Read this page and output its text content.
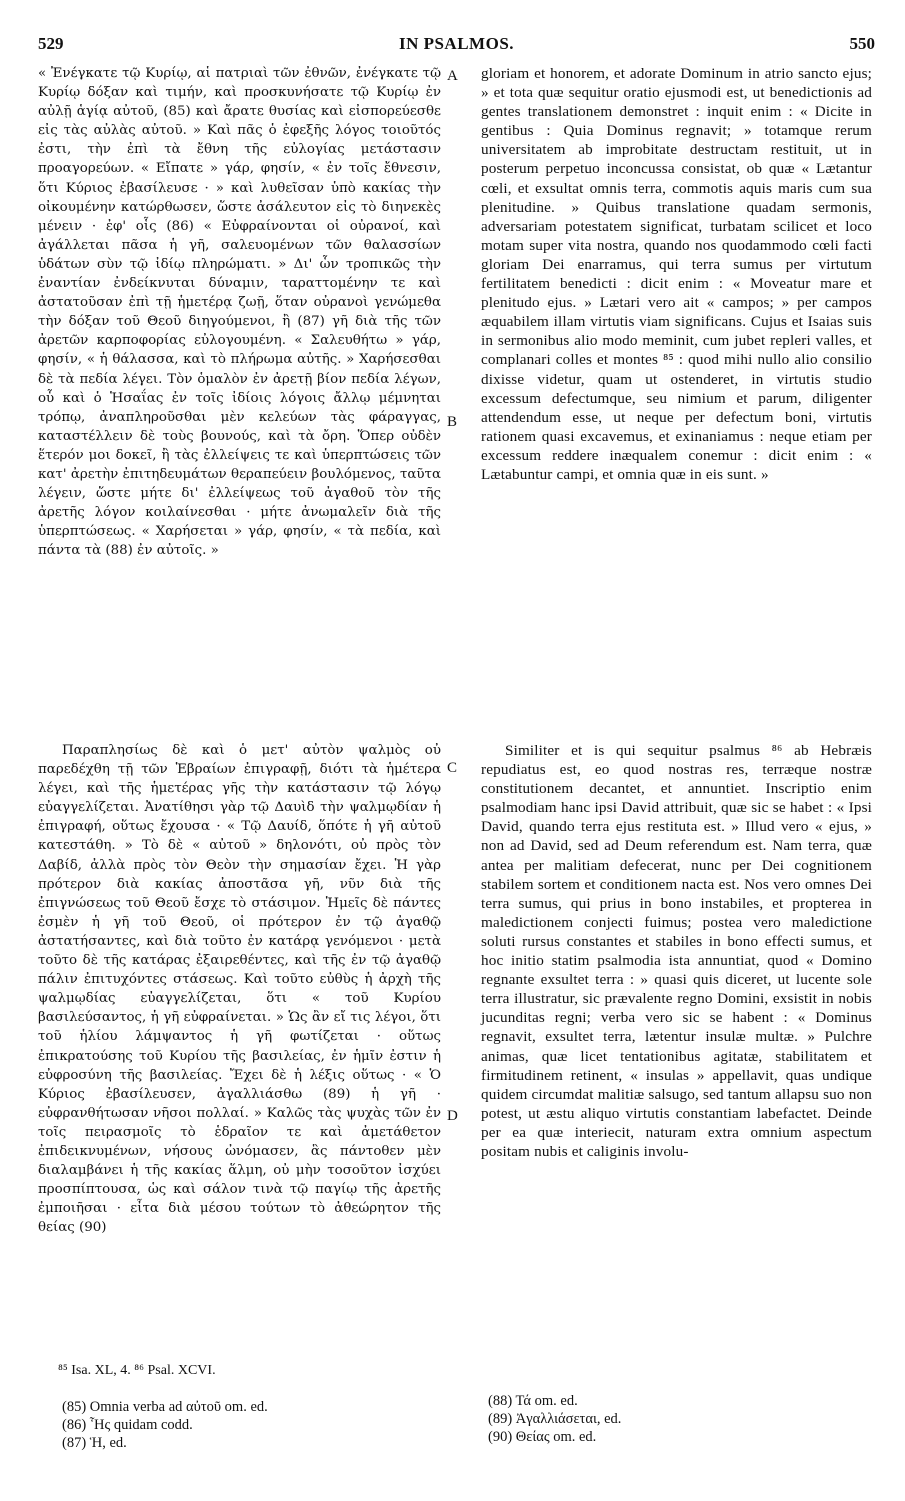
529	IN PSALMOS.	550

« Ἐνέγκατε τῷ Κυρίῳ, αἱ πατριαὶ τῶν ἐθνῶν, ἐνέγκατε τῷ Κυρίῳ δόξαν καὶ τιμήν, καὶ προσκυνήσατε τῷ Κυρίῳ ἐν αὐλῇ ἁγίᾳ αὐτοῦ, (85) καὶ ἄρατε θυσίας καὶ εἰσπορεύεσθε εἰς τὰς αὐλὰς αὐτοῦ. » Καὶ πᾶς ὁ ἐφεξῆς λόγος τοιοῦτός ἐστι, τὴν ἐπὶ τὰ ἔθνη τῆς εὐλογίας μετάστασιν προαγορεύων. « Εἴπατε » γάρ, φησίν, « ἐν τοῖς ἔθνεσιν, ὅτι Κύριος ἐβασίλευσε · » καὶ λυθεῖσαν ὑπὸ κακίας τὴν οἰκουμένην κατώρθωσεν, ὥστε ἀσάλευτον εἰς τὸ διηνεκὲς μένειν · ἐφ' οἷς (86) « Εὐφραίνονται οἱ οὐρανοί, καὶ ἀγάλλεται πᾶσα ἡ γῆ, σαλευομένων τῶν θαλασσίων ὑδάτων σὺν τῷ ἰδίῳ πληρώματι. » Δι' ὧν τροπικῶς τὴν ἐναντίαν ἐνδείκνυται δύναμιν, ταραττομένην τε καὶ ἀστατοῦσαν ἐπὶ τῇ ἡμετέρᾳ ζωῇ, ὅταν οὐρανοὶ γενώμεθα τὴν δόξαν τοῦ Θεοῦ διηγούμενοι, ἢ (87) γῆ διὰ τῆς τῶν ἀρετῶν καρποφορίας εὐλογουμένη. « Σαλευθήτω » γάρ, φησίν, « ἡ θάλασσα, καὶ τὸ πλήρωμα αὐτῆς. » Χαρήσεσθαι δὲ τὰ πεδία λέγει. Τὸν ὁμαλὸν ἐν ἀρετῇ βίον πεδία λέγων, οὗ καὶ ὁ Ἡσαΐας ἐν τοῖς ἰδίοις λόγοις ἄλλῳ μέμνηται τρόπῳ, ἀναπληροῦσθαι μὲν κελεύων τὰς φάραγγας, καταστέλλειν δὲ τοὺς βουνούς, καὶ τὰ ὄρη. Ὅπερ οὐδὲν ἕτερόν μοι δοκεῖ, ἢ τὰς ἐλλείψεις τε καὶ ὑπερπτώσεις τῶν κατ' ἀρετὴν ἐπιτηδευμάτων θεραπεύειν βουλόμενος, ταῦτα λέγειν, ὥστε μήτε δι' ἐλλείψεως τοῦ ἀγαθοῦ τὸν τῆς ἀρετῆς λόγον κοιλαίνεσθαι · μήτε ἀνωμαλεῖν διὰ τῆς ὑπερπτώσεως. « Χαρήσεται » γάρ, φησίν, « τὰ πεδία, καὶ πάντα τὰ (88) ἐν αὐτοῖς. »

Παραπλησίως δὲ καὶ ὁ μετ' αὐτὸν ψαλμὸς οὐ παρεδέχθη τῇ τῶν Ἑβραίων ἐπιγραφῇ, διότι τὰ ἡμέτερα λέγει, καὶ τῆς ἡμετέρας γῆς τὴν κατάστασιν τῷ λόγῳ εὐαγγελίζεται. Ἀνατίθησι γὰρ τῷ Δαυὶδ τὴν ψαλμῳδίαν ἡ ἐπιγραφή, οὕτως ἔχουσα · « Τῷ Δαυίδ, ὅπότε ἡ γῆ αὐτοῦ κατεστάθη. » Τὸ δὲ « αὐτοῦ » δηλονότι, οὐ πρὸς τὸν Δαβίδ, ἀλλὰ πρὸς τὸν Θεὸν τὴν σημασίαν ἔχει. Ἡ γὰρ πρότερον διὰ κακίας ἀποστᾶσα γῆ, νῦν διὰ τῆς ἐπιγνώσεως τοῦ Θεοῦ ἔσχε τὸ στάσιμον. Ἡμεῖς δὲ πάντες ἐσμὲν ἡ γῆ τοῦ Θεοῦ, οἱ πρότερον ἐν τῷ ἀγαθῷ ἀστατήσαντες, καὶ διὰ τοῦτο ἐν κατάρᾳ γενόμενοι · μετὰ τοῦτο δὲ τῆς κατάρας ἐξαιρεθέντες, καὶ τῆς ἐν τῷ ἀγαθῷ πάλιν ἐπιτυχόντες στάσεως. Καὶ τοῦτο εὐθὺς ἡ ἀρχὴ τῆς ψαλμῳδίας εὐαγγελίζεται, ὅτι « τοῦ Κυρίου βασιλεύσαντος, ἡ γῆ εὐφραίνεται. » Ὡς ἂν εἴ τις λέγοι, ὅτι τοῦ ἡλίου λάμψαντος ἡ γῆ φωτίζεται · οὕτως ἐπικρατούσης τοῦ Κυρίου τῆς βασιλείας, ἐν ἡμῖν ἐστιν ἡ εὐφροσύνη τῆς βασιλείας. Ἔχει δὲ ἡ λέξις οὕτως · « Ὁ Κύριος ἐβασίλευσεν, ἀγαλλιάσθω (89) ἡ γῆ · εὐφρανθήτωσαν νῆσοι πολλαί. » Καλῶς τὰς ψυχὰς τῶν ἐν τοῖς πειρασμοῖς τὸ ἑδραῖον τε καὶ ἀμετάθετον ἐπιδεικνυμένων, νήσους ὠνόμασεν, ἃς πάντοθεν μὲν διαλαμβάνει ἡ τῆς κακίας ἅλμη, οὐ μὴν τοσοῦτον ἰσχύει προσπίπτουσα, ὡς καὶ σάλον τινὰ τῷ παγίῳ τῆς ἀρετῆς ἐμποιῆσαι · εἶτα διὰ μέσου τούτων τὸ ἀθεώρητον τῆς θείας (90)

gloriam et honorem, et adorate Dominum in atrio sancto ejus; » et tota quæ sequitur oratio ejusmodi est, ut benedictionis ad gentes translationem demonstret : inquit enim : « Dicite in gentibus : Quia Dominus regnavit; » totamque rerum universitatem ab improbitate destructam restituit, ut in posterum perpetuo inconcussa consistat, ob quæ « Lætantur cœli, et exsultat omnis terra, commotis aquis maris cum sua plenitudine. » Quibus translatione quadam sermonis, adversariam potestatem significat, turbatam scilicet et loco motam super vita nostra, quando nos quodammodo cœli facti gloriam Dei enarramus, qui terra sumus per virtutum fertilitatem benedicti : dicit enim : « Moveatur mare et plenitudo ejus. » Lætari vero ait « campos; » per campos æquabilem illam virtutis viam significans. Cujus et Isaias suis in sermonibus alio modo meminit, cum jubet repleri valles, et complanari colles et montes ⁸⁵ : quod mihi nullo alio consilio dixisse videtur, quam ut ostenderet, in virtutis studio excessum defectumque, seu nimium et parum, diligenter attendendum esse, ut neque per defectum boni, virtutis rationem quasi excavemus, et exinaniamus : neque etiam per excessum reddere inæqualem conemur : dicit enim : « Lætabuntur campi, et omnia quæ in eis sunt. »

Similiter et is qui sequitur psalmus ⁸⁶ ab Hebræis repudiatus est, eo quod nostras res, terræque nostræ constitutionem decantet, et annuntiet. Inscriptio enim psalmodiam hanc ipsi David attribuit, quæ sic se habet : « Ipsi David, quando terra ejus restituta est. » Illud vero « ejus, » non ad David, sed ad Deum referendum est. Nam terra, quæ antea per malitiam defecerat, nunc per Dei cognitionem stabilem sortem et conditionem nacta est. Nos vero omnes Dei terra sumus, qui prius in bono instabiles, et propterea in maledictionem conjecti fuimus; postea vero maledictione soluti rursus constantes et stabiles in bono effecti sumus, et hoc initio statim psalmodia ista annuntiat, quod « Domino regnante exsultet terra : » quasi quis diceret, ut lucente sole terra illustratur, sic prævalente regno Domini, exsistit in nobis jucunditas regni; verba vero sic se habent : « Dominus regnavit, exsultet terra, lætentur insulæ multæ. » Pulchre animas, quæ licet tentationibus agitatæ, stabilitatem et firmitudinem retinent, « insulas » appellavit, quas undique quidem circumdat malitiæ salsugo, sed tantum allapsu suo non potest, ut æstu aliquo virtutis constantiam labefactet. Deinde per ea quæ interiecit, naturam extra omnium aspectum positam nubis et caliginis involu-

A
B
C
D
⁸⁵ Isa. XL, 4. ⁸⁶ Psal. XCVI.
(85) Omnia verba ad αὐτοῦ om. ed.
(86) Ἧς quidam codd.
(87) Ἡ, ed.
(88) Τά om. ed.
(89) Ἀγαλλιάσεται, ed.
(90) Θείας om. ed.
